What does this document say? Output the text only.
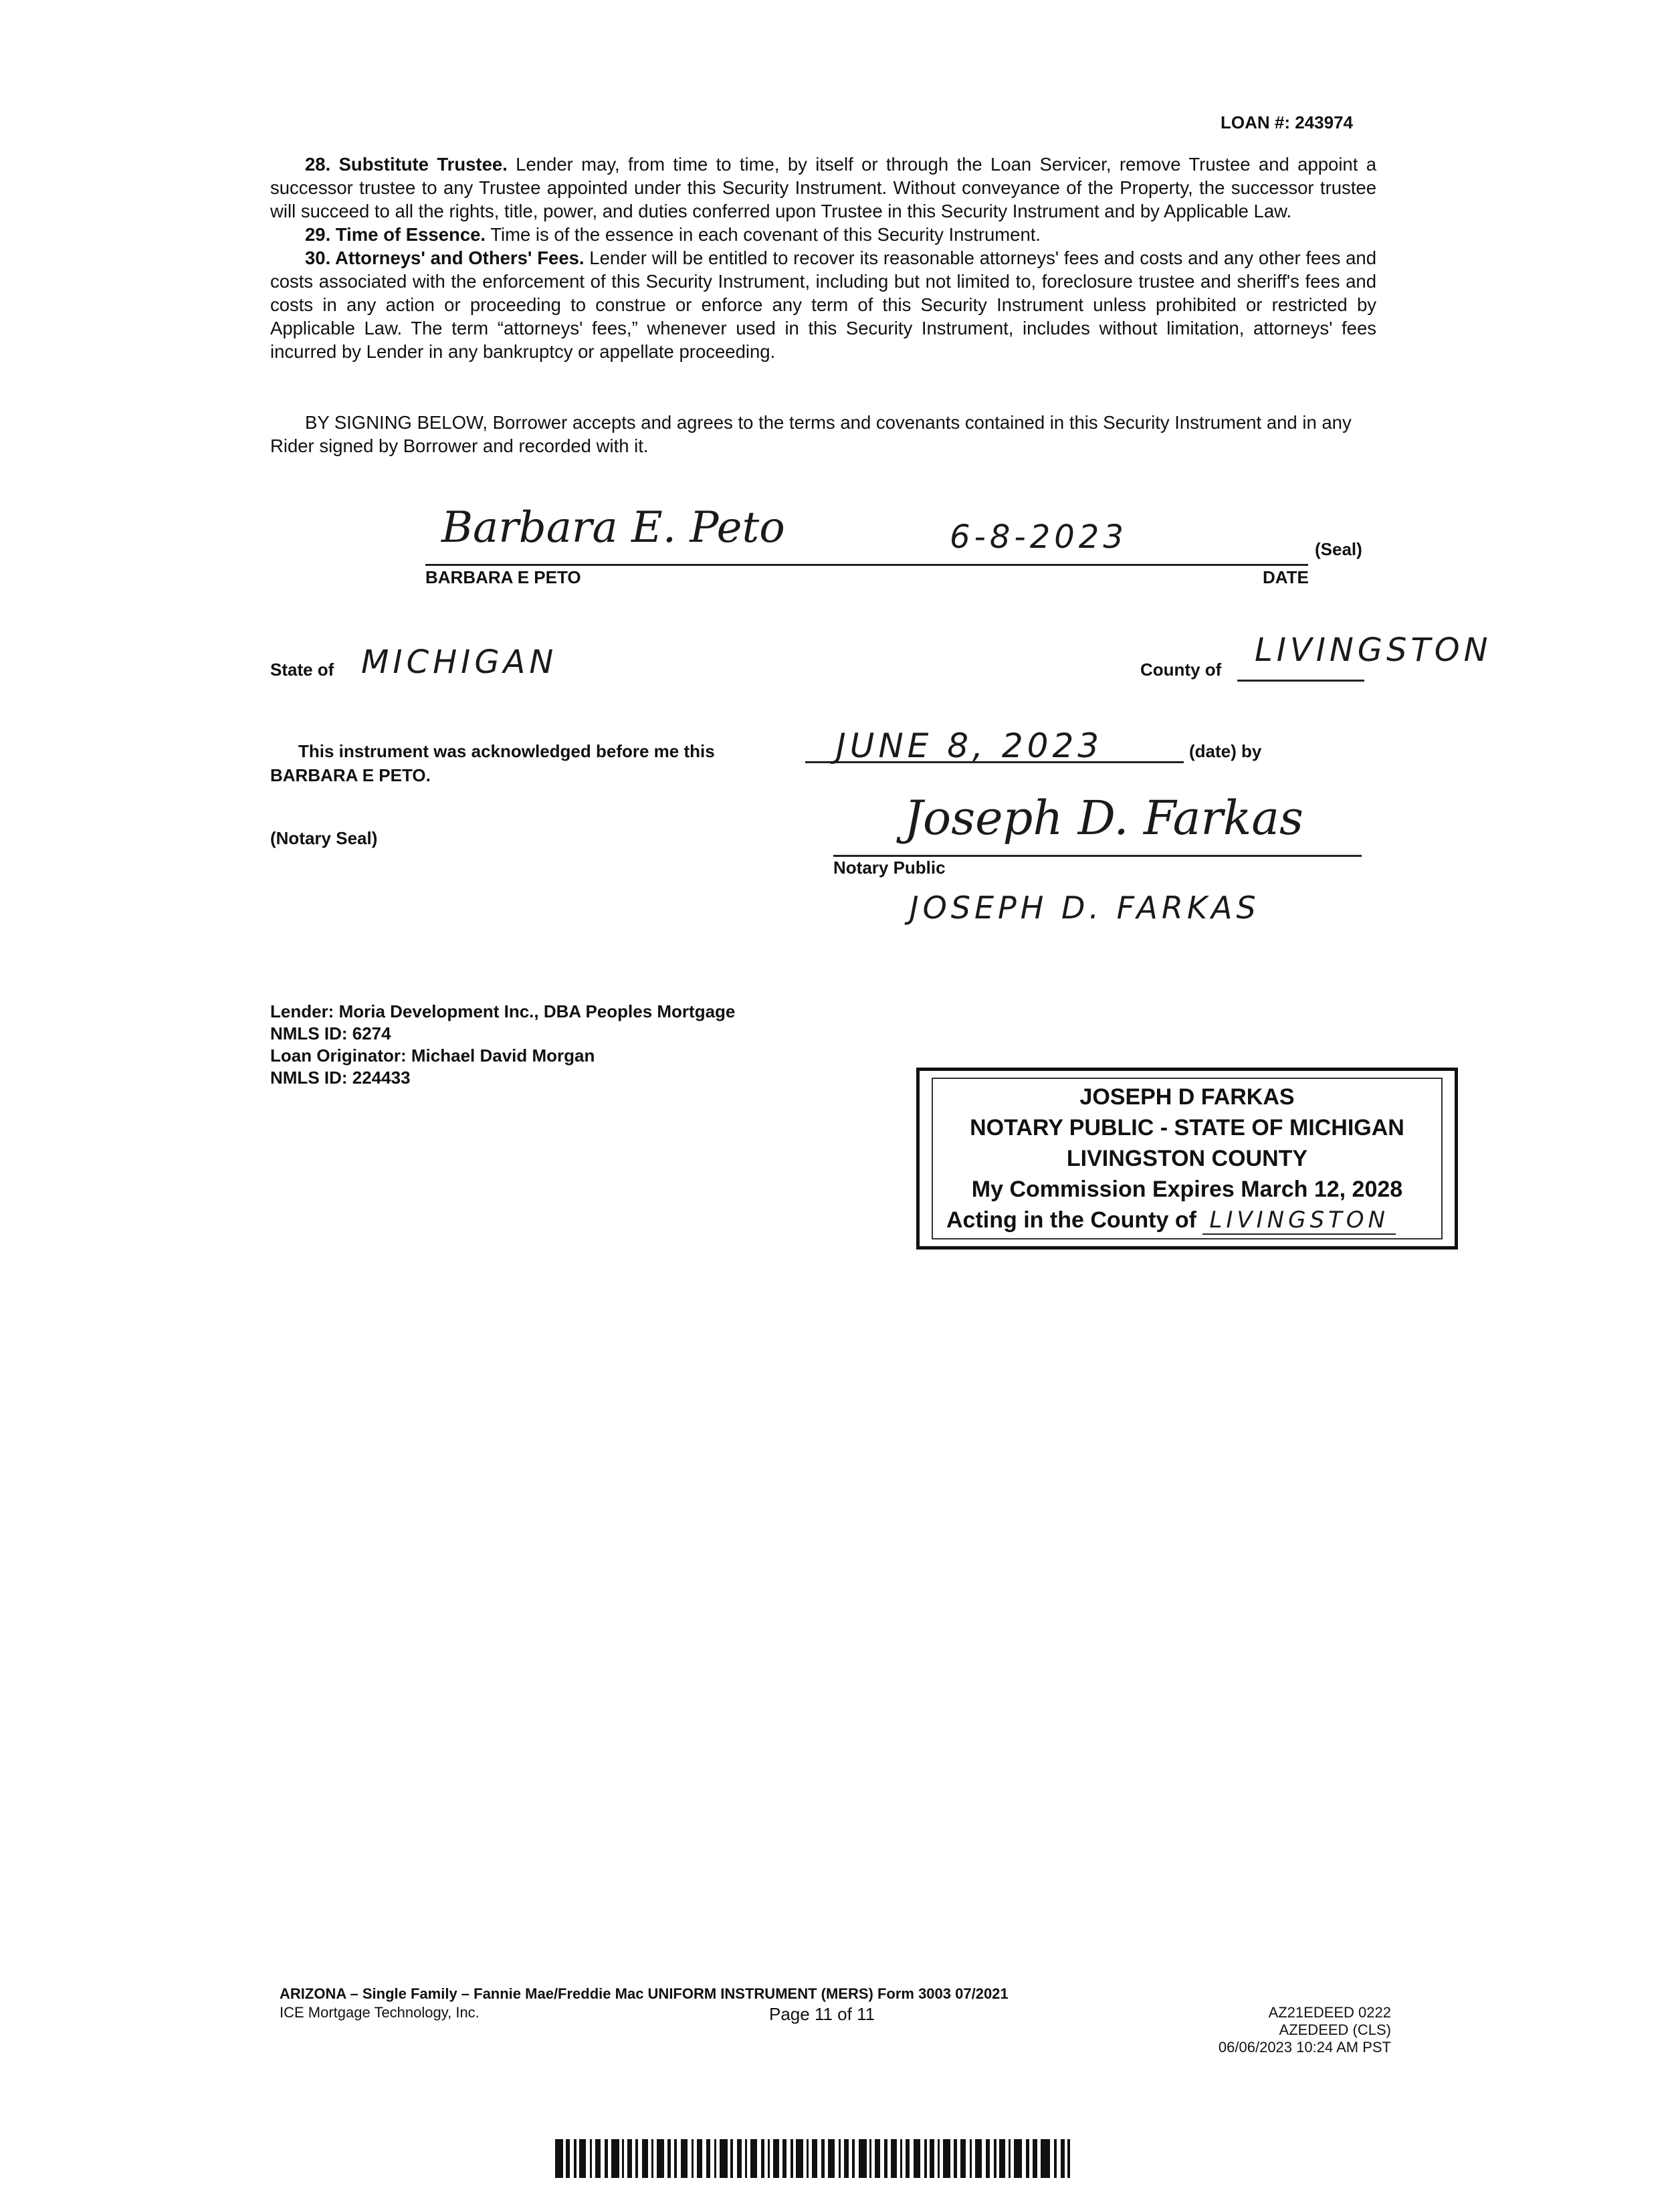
LOAN #: 243974

28. Substitute Trustee. Lender may, from time to time, by itself or through the Loan Servicer, remove Trustee and appoint a successor trustee to any Trustee appointed under this Security Instrument. Without conveyance of the Property, the successor trustee will succeed to all the rights, title, power, and duties conferred upon Trustee in this Security Instrument and by Applicable Law.

29. Time of Essence. Time is of the essence in each covenant of this Security Instrument.

30. Attorneys' and Others' Fees. Lender will be entitled to recover its reasonable attorneys' fees and costs and any other fees and costs associated with the enforcement of this Security Instrument, including but not limited to, foreclosure trustee and sheriff's fees and costs in any action or proceeding to construe or enforce any term of this Security Instrument unless prohibited or restricted by Applicable Law. The term “attorneys' fees,” whenever used in this Security Instrument, includes without limitation, attorneys' fees incurred by Lender in any bankruptcy or appellate proceeding.

BY SIGNING BELOW, Borrower accepts and agrees to the terms and covenants contained in this Security Instrument and in any Rider signed by Borrower and recorded with it.
Barbara E. Peto	6-8-2023	(Seal)
BARBARA E PETO	DATE
State of MICHIGAN	County of
LIVINGSTON
This instrument was acknowledged before me this	JUNE 8, 2023	(date) by
BARBARA E PETO.
(Notary Seal)	Joseph D. Farkas
Notary Public
JOSEPH D. FARKAS
Lender: Moria Development Inc., DBA Peoples Mortgage
NMLS ID: 6274
Loan Originator: Michael David Morgan
NMLS ID: 224433
JOSEPH D FARKAS
NOTARY PUBLIC - STATE OF MICHIGAN
LIVINGSTON COUNTY
My Commission Expires March 12, 2028
Acting in the County of LIVINGSTON
ARIZONA – Single Family – Fannie Mae/Freddie Mac UNIFORM INSTRUMENT (MERS) Form 3003 07/2021
ICE Mortgage Technology, Inc.	Page 11 of 11	AZ21EDEED 0222
AZEDEED (CLS)
06/06/2023 10:24 AM PST
